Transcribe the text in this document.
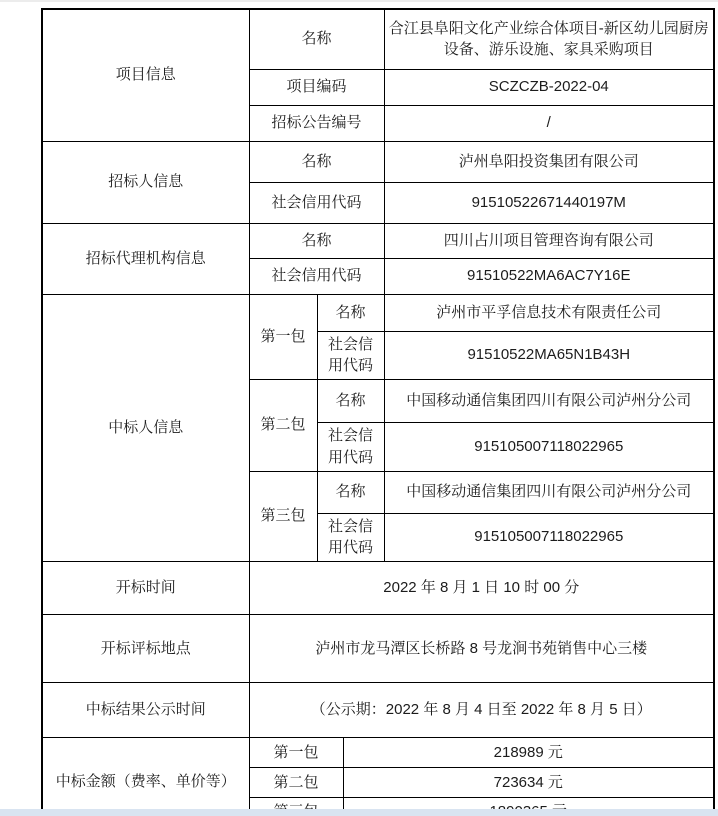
项目信息	名称			合江县阜阳文化产业综合体项目-新区幼儿园厨房设备、游乐设施、家具采购项目
	项目编码			SCZCZB-2022-04
	招标公告编号			/
招标人信息	名称			泸州阜阳投资集团有限公司
	社会信用代码			91510522671440197M
招标代理机构信息	名称			四川占川项目管理咨询有限公司
	社会信用代码			91510522MA6AC7Y16E
中标人信息	第一包	名称		泸州市平孚信息技术有限责任公司
		社会信用代码		91510522MA65N1B43H
	第二包	名称		中国移动通信集团四川有限公司泸州分公司
		社会信用代码		915105007118022965
	第三包	名称		中国移动通信集团四川有限公司泸州分公司
		社会信用代码		915105007118022965
开标时间	2022 年 8 月 1 日 10 时 00 分			
开标评标地点	泸州市龙马潭区长桥路 8 号龙涧书苑销售中心三楼			
中标结果公示时间	（公示期：2022 年 8 月 4 日至 2022 年 8 月 5 日）			
中标金额（费率、单价等）	第一包		218989 元	
	第二包		723634 元	
